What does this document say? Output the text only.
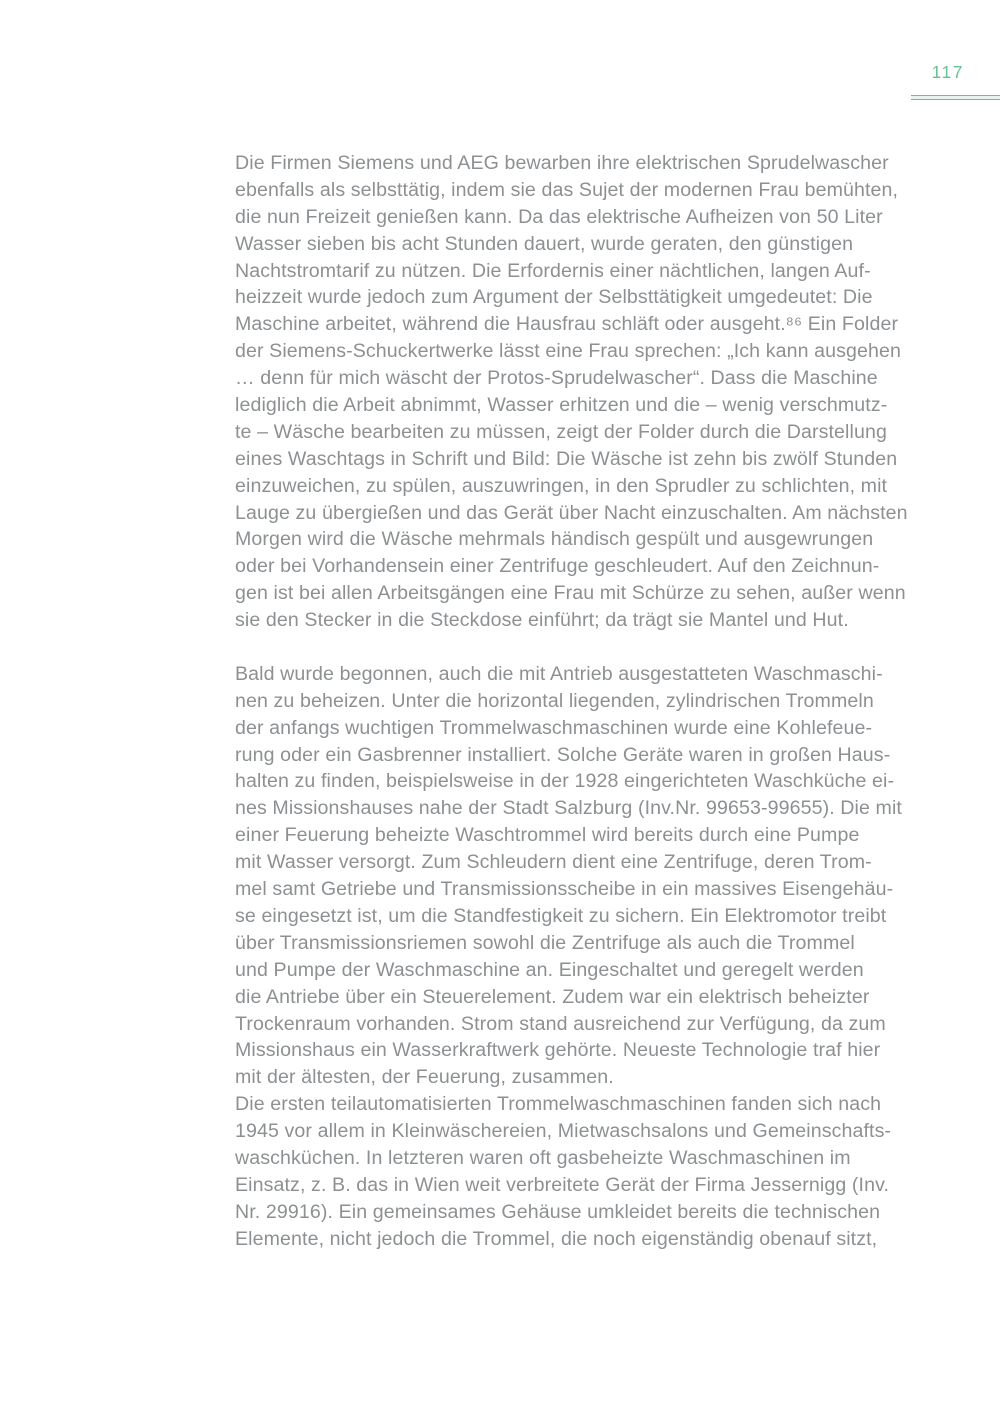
117
Die Firmen Siemens und AEG bewarben ihre elektrischen Sprudelwascher
ebenfalls als selbsttätig, indem sie das Sujet der modernen Frau bemühten,
die nun Freizeit genießen kann. Da das elektrische Aufheizen von 50 Liter
Wasser sieben bis acht Stunden dauert, wurde geraten, den günstigen
Nachtstromtarif zu nützen. Die Erfordernis einer nächtlichen, langen Auf-
heizzeit wurde jedoch zum Argument der Selbsttätigkeit umgedeutet: Die
Maschine arbeitet, während die Hausfrau schläft oder ausgeht.⁸⁶ Ein Folder
der Siemens-Schuckertwerke lässt eine Frau sprechen: „Ich kann ausgehen
… denn für mich wäscht der Protos-Sprudelwascher“. Dass die Maschine
lediglich die Arbeit abnimmt, Wasser erhitzen und die – wenig verschmutz-
te – Wäsche bearbeiten zu müssen, zeigt der Folder durch die Darstellung
eines Waschtags in Schrift und Bild: Die Wäsche ist zehn bis zwölf Stunden
einzuweichen, zu spülen, auszuwringen, in den Sprudler zu schlichten, mit
Lauge zu übergießen und das Gerät über Nacht einzuschalten. Am nächsten
Morgen wird die Wäsche mehrmals händisch gespült und ausgewrungen
oder bei Vorhandensein einer Zentrifuge geschleudert. Auf den Zeichnun-
gen ist bei allen Arbeitsgängen eine Frau mit Schürze zu sehen, außer wenn
sie den Stecker in die Steckdose einführt; da trägt sie Mantel und Hut.
Bald wurde begonnen, auch die mit Antrieb ausgestatteten Waschmaschi-
nen zu beheizen. Unter die horizontal liegenden, zylindrischen Trommeln
der anfangs wuchtigen Trommelwaschmaschinen wurde eine Kohlefeue-
rung oder ein Gasbrenner installiert. Solche Geräte waren in großen Haus-
halten zu finden, beispielsweise in der 1928 eingerichteten Waschküche ei-
nes Missionshauses nahe der Stadt Salzburg (Inv.Nr. 99653-99655). Die mit
einer Feuerung beheizte Waschtrommel wird bereits durch eine Pumpe
mit Wasser versorgt. Zum Schleudern dient eine Zentrifuge, deren Trom-
mel samt Getriebe und Transmissionsscheibe in ein massives Eisengehäu-
se eingesetzt ist, um die Standfestigkeit zu sichern. Ein Elektromotor treibt
über Transmissionsriemen sowohl die Zentrifuge als auch die Trommel
und Pumpe der Waschmaschine an. Eingeschaltet und geregelt werden
die Antriebe über ein Steuerelement. Zudem war ein elektrisch beheizter
Trockenraum vorhanden. Strom stand ausreichend zur Verfügung, da zum
Missionshaus ein Wasserkraftwerk gehörte. Neueste Technologie traf hier
mit der ältesten, der Feuerung, zusammen.
Die ersten teilautomatisierten Trommelwaschmaschinen fanden sich nach
1945 vor allem in Kleinwäschereien, Mietwaschsalons und Gemeinschafts-
waschküchen. In letzteren waren oft gasbeheizte Waschmaschinen im
Einsatz, z. B. das in Wien weit verbreitete Gerät der Firma Jessernigg (Inv.
Nr. 29916). Ein gemeinsames Gehäuse umkleidet bereits die technischen
Elemente, nicht jedoch die Trommel, die noch eigenständig obenauf sitzt,
